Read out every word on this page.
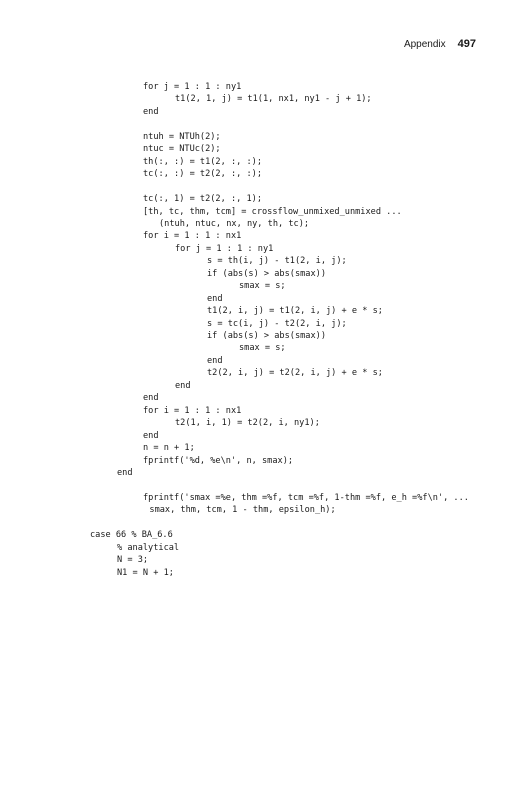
Appendix 497
for j = 1 : 1 : ny1
t1(2, 1, j) = t1(1, nx1, ny1 - j + 1);
end
ntuh = NTUh(2);
ntuc = NTUc(2);
th(:, :) = t1(2, :, :);
tc(:, :) = t2(2, :, :);
tc(:, 1) = t2(2, :, 1);
[th, tc, thm, tcm] = crossflow_unmixed_unmixed ...
(ntuh, ntuc, nx, ny, th, tc);
for i = 1 : 1 : nx1
for j = 1 : 1 : ny1
s = th(i, j) - t1(2, i, j);
if (abs(s) > abs(smax))
smax = s;
end
t1(2, i, j) = t1(2, i, j) + e * s;
s = tc(i, j) - t2(2, i, j);
if (abs(s) > abs(smax))
smax = s;
end
t2(2, i, j) = t2(2, i, j) + e * s;
end
end
for i = 1 : 1 : nx1
t2(1, i, 1) = t2(2, i, ny1);
end
n = n + 1;
fprintf('%d, %e\n', n, smax);
end
fprintf('smax =%e, thm =%f, tcm =%f, 1-thm =%f, e_h =%f\n', ...
smax, thm, tcm, 1 - thm, epsilon_h);
case 66 % BA_6.6
% analytical
N = 3;
N1 = N + 1;
